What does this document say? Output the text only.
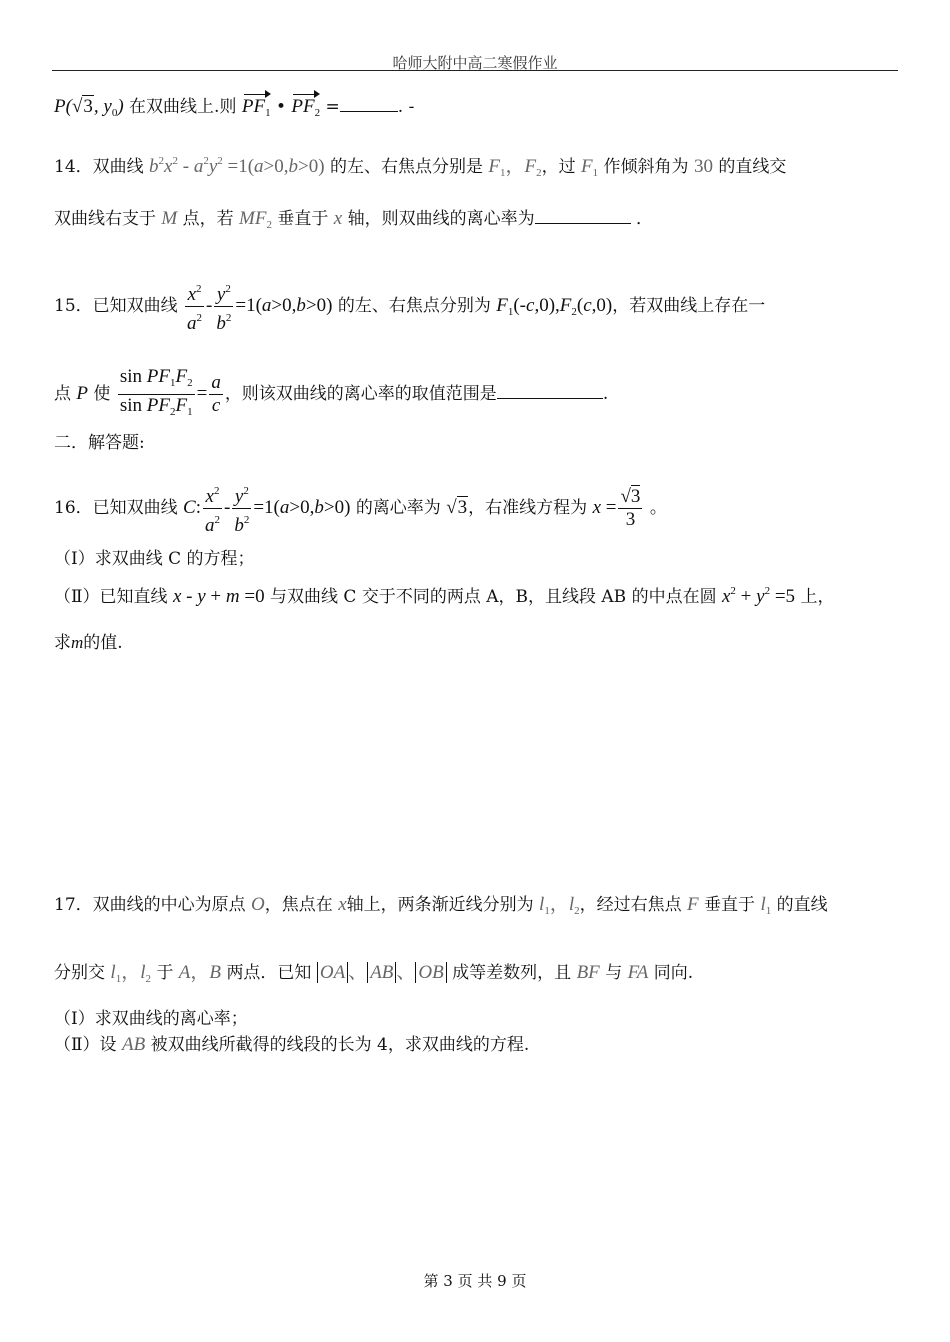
哈师大附中高二寒假作业
P(√3, $y_0$) 在双曲线上.则 $PF_1$ • $PF_2$ =	. -
14．双曲线 $b^2x^2 - a^2y^2 =1(a>0,b>0)$ 的左、右焦点分别是 $F_1$，$F_2$，过 $F_1$ 作倾斜角为 30 的直线交
双曲线右支于 M 点，若 $MF_2$ 垂直于 x 轴，则双曲线的离心率为	．
15．已知双曲线 $\frac{x^2}{a^2} - \frac{y^2}{b^2} =1(a>0,b>0)$ 的左、右焦点分别为 $F_1(-c,0),F_2(c,0)$，若双曲线上存在一
点 P 使 $\frac{\sin PF_1F_2}{\sin PF_2F_1} = \frac{a}{c}$ ，则该双曲线的离心率的取值范围是	.
二．解答题:
16．已知双曲线 C: $\frac{x^2}{a^2} - \frac{y^2}{b^2} =1(a>0,b>0)$ 的离心率为 √3，右准线方程为 $x = \frac{√3}{3}$ 。
（Ⅰ）求双曲线 C 的方程；
（Ⅱ）已知直线 x - y + m =0 与双曲线 C 交于不同的两点 A，B，且线段 AB 的中点在圆 $x^2 + y^2 =5$ 上，
求m的值.
17．双曲线的中心为原点 O，焦点在 x轴上，两条渐近线分别为 $l_1$，$l_2$，经过右焦点 F 垂直于 $l_1$ 的直线
分别交 $l_1$，$l_2$ 于 A，B 两点．已知 OA 、 AB 、 OB 成等差数列，且 BF 与 FA 同向.
（Ⅰ）求双曲线的离心率；
（Ⅱ）设 AB 被双曲线所截得的线段的长为 4，求双曲线的方程.
第 3 页 共 9 页
